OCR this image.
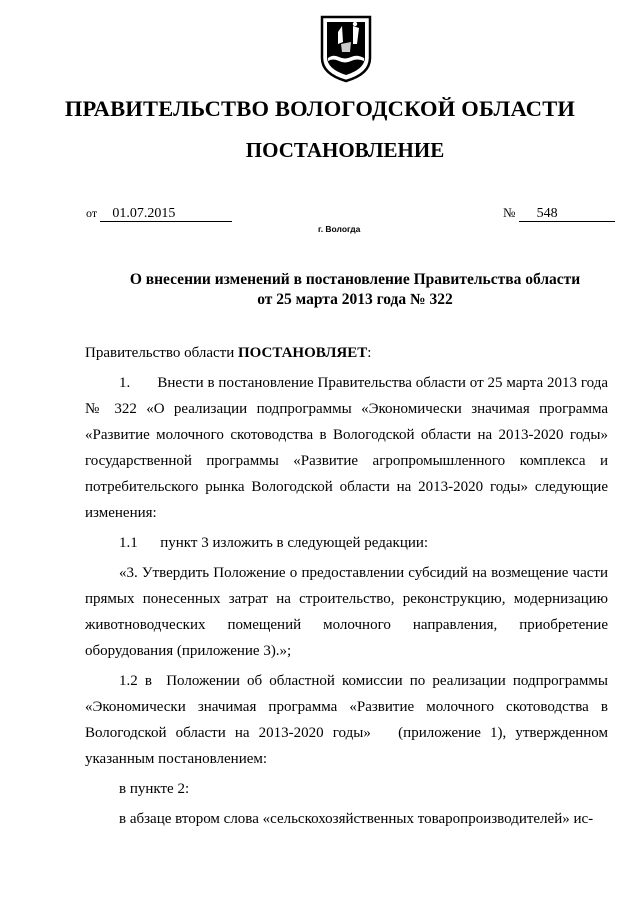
ПРАВИТЕЛЬСТВО ВОЛОГОДСКОЙ ОБЛАСТИ
ПОСТАНОВЛЕНИЕ
от 01.07.2015	№ 548
г. Вологда
О внесении изменений в постановление Правительства области
от 25 марта 2013 года № 322

Правительство области ПОСТАНОВЛЯЕТ:

1.       Внести в постановление Правительства области от 25 марта 2013 года № 322 «О реализации подпрограммы «Экономически значимая программа «Развитие молочного скотоводства в Вологодской области на 2013-2020 годы» государственной программы «Развитие агропромышленного комплекса и потребительского рынка Вологодской области на 2013-2020 годы» следующие изменения:

1.1      пункт 3 изложить в следующей редакции:

«3. Утвердить Положение о предоставлении субсидий на возмещение части прямых понесенных затрат на строительство, реконструкцию, модернизацию животноводческих помещений молочного направления, приобретение оборудования (приложение 3).»;

1.2 в  Положении об областной комиссии по реализации подпрограммы «Экономически значимая программа «Развитие молочного скотоводства в Вологодской области на 2013-2020 годы»   (приложение 1), утвержденном указанным постановлением:

в пункте 2:

в абзаце втором слова «сельскохозяйственных товаропроизводителей» ис-
